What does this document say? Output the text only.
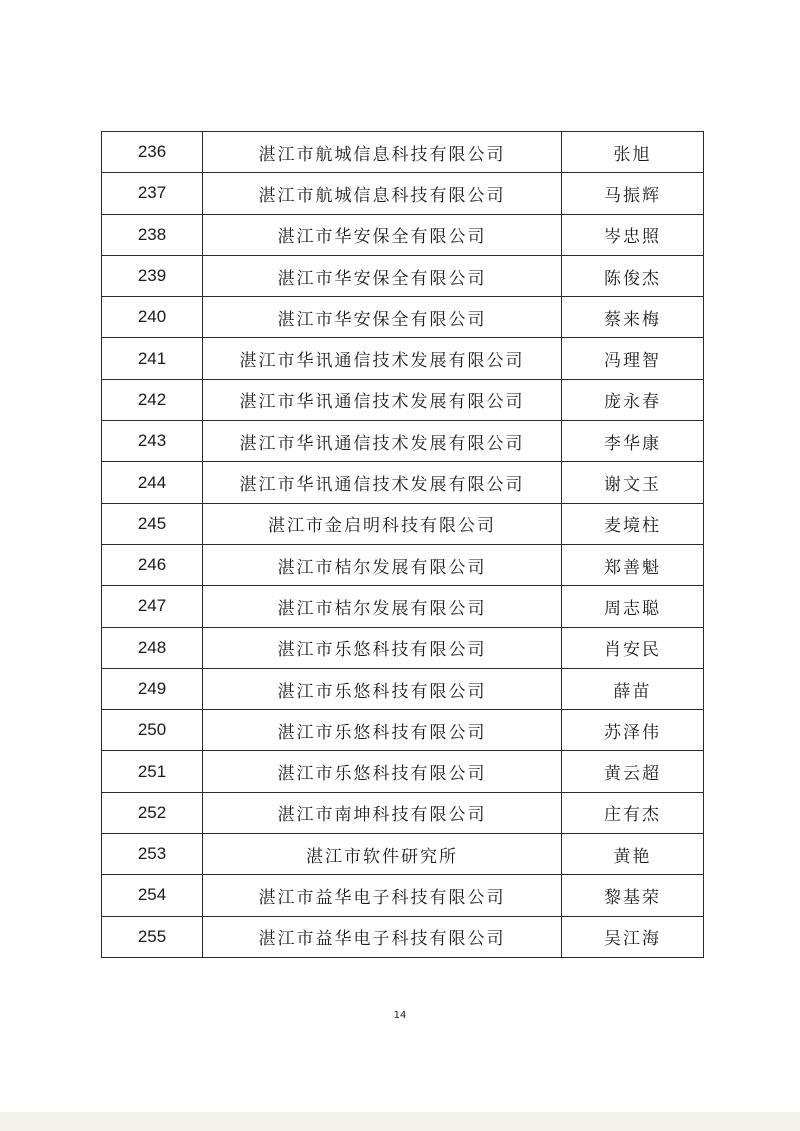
236	湛江市航城信息科技有限公司	张旭
237	湛江市航城信息科技有限公司	马振辉
238	湛江市华安保全有限公司	岑忠照
239	湛江市华安保全有限公司	陈俊杰
240	湛江市华安保全有限公司	蔡来梅
241	湛江市华讯通信技术发展有限公司	冯理智
242	湛江市华讯通信技术发展有限公司	庞永春
243	湛江市华讯通信技术发展有限公司	李华康
244	湛江市华讯通信技术发展有限公司	谢文玉
245	湛江市金启明科技有限公司	麦境柱
246	湛江市桔尔发展有限公司	郑善魁
247	湛江市桔尔发展有限公司	周志聪
248	湛江市乐悠科技有限公司	肖安民
249	湛江市乐悠科技有限公司	薛苗
250	湛江市乐悠科技有限公司	苏泽伟
251	湛江市乐悠科技有限公司	黄云超
252	湛江市南坤科技有限公司	庄有杰
253	湛江市软件研究所	黄艳
254	湛江市益华电子科技有限公司	黎基荣
255	湛江市益华电子科技有限公司	吴江海
14
